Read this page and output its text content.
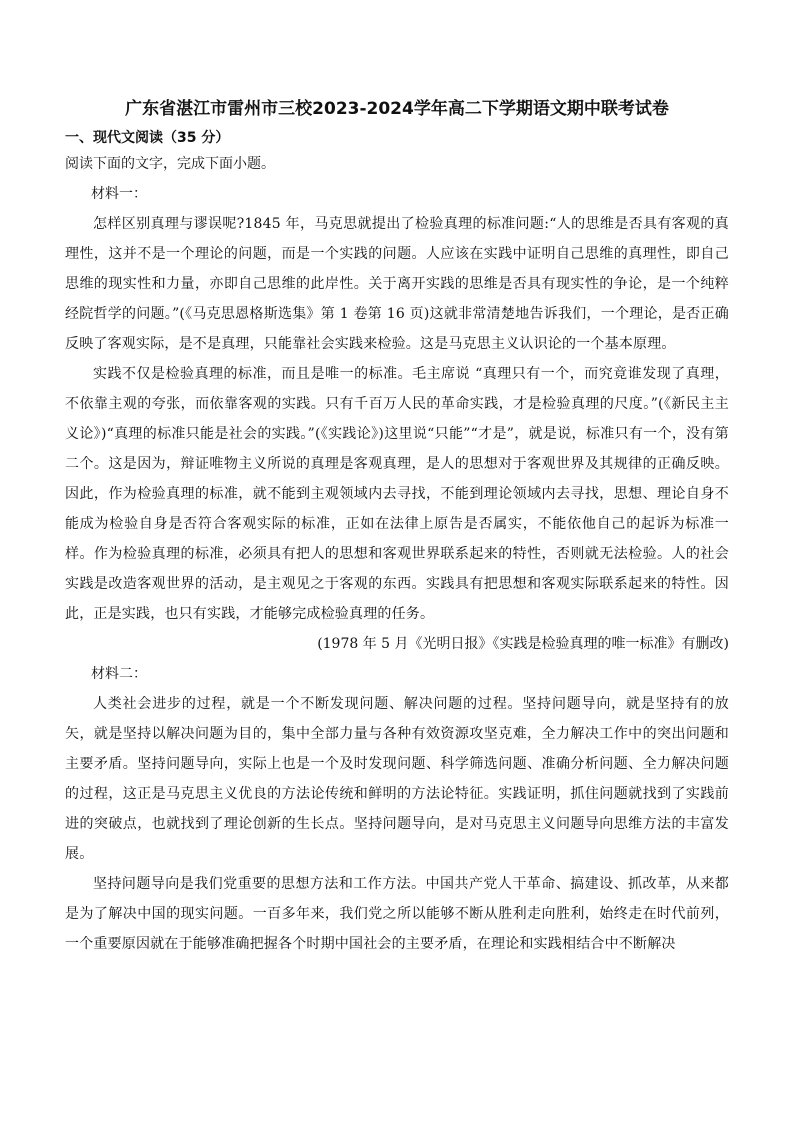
广东省湛江市雷州市三校2023-2024学年高二下学期语文期中联考试卷

一、现代文阅读（35 分）

阅读下面的文字，完成下面小题。

材料一：

怎样区别真理与谬误呢?1845 年，马克思就提出了检验真理的标准问题:“人的思维是否具有客观的真理性，这并不是一个理论的问题，而是一个实践的问题。人应该在实践中证明自己思维的真理性，即自己思维的现实性和力量，亦即自己思维的此岸性。关于离开实践的思维是否具有现实性的争论，是一个纯粹经院哲学的问题。”(《马克思恩格斯选集》第 1 卷第 16 页)这就非常清楚地告诉我们，一个理论，是否正确反映了客观实际，是不是真理，只能靠社会实践来检验。这是马克思主义认识论的一个基本原理。

实践不仅是检验真理的标准，而且是唯一的标准。毛主席说 “真理只有一个，而究竟谁发现了真理，不依靠主观的夸张，而依靠客观的实践。只有千百万人民的革命实践，才是检验真理的尺度。”(《新民主主义论》)“真理的标准只能是社会的实践。”(《实践论》)这里说“只能”“才是”，就是说，标准只有一个，没有第二个。这是因为，辩证唯物主义所说的真理是客观真理，是人的思想对于客观世界及其规律的正确反映。因此，作为检验真理的标准，就不能到主观领域内去寻找，不能到理论领域内去寻找，思想、理论自身不能成为检验自身是否符合客观实际的标准，正如在法律上原告是否属实，不能依他自己的起诉为标准一样。作为检验真理的标准，必须具有把人的思想和客观世界联系起来的特性，否则就无法检验。人的社会实践是改造客观世界的活动，是主观见之于客观的东西。实践具有把思想和客观实际联系起来的特性。因此，正是实践，也只有实践，才能够完成检验真理的任务。

(1978 年 5 月《光明日报》《实践是检验真理的唯一标准》有删改)

材料二：

人类社会进步的过程，就是一个不断发现问题、解决问题的过程。坚持问题导向，就是坚持有的放矢，就是坚持以解决问题为目的，集中全部力量与各种有效资源攻坚克难，全力解决工作中的突出问题和主要矛盾。坚持问题导向，实际上也是一个及时发现问题、科学筛选问题、准确分析问题、全力解决问题的过程，这正是马克思主义优良的方法论传统和鲜明的方法论特征。实践证明，抓住问题就找到了实践前进的突破点，也就找到了理论创新的生长点。坚持问题导向，是对马克思主义问题导向思维方法的丰富发展。

坚持问题导向是我们党重要的思想方法和工作方法。中国共产党人干革命、搞建设、抓改革，从来都是为了解决中国的现实问题。一百多年来，我们党之所以能够不断从胜利走向胜利，始终走在时代前列，一个重要原因就在于能够准确把握各个时期中国社会的主要矛盾，在理论和实践相结合中不断解决
